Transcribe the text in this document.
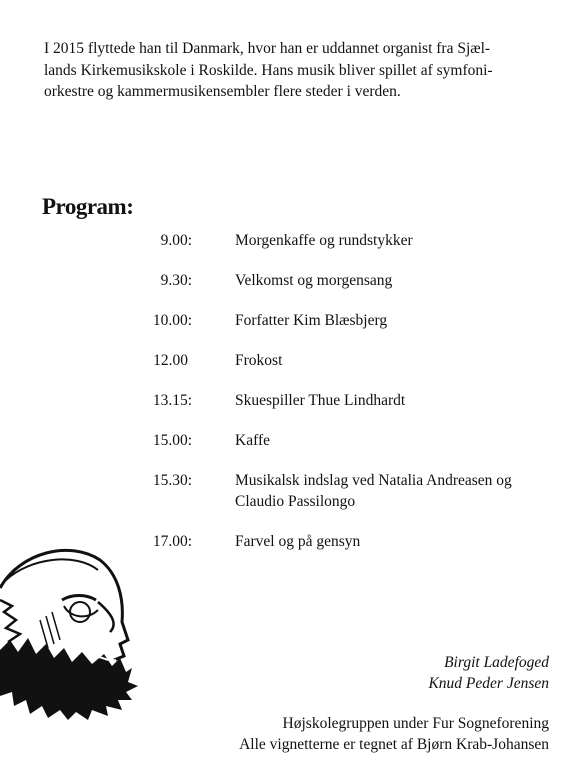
I 2015 flyttede han til Danmark, hvor han er uddannet organist fra Sjæl-
lands Kirkemusikskole i Roskilde. Hans musik bliver spillet af symfoni-
orkestre og kammermusikensembler flere steder i verden.
Program:
9.00:	Morgenkaffe og rundstykker
9.30:	Velkomst og morgensang
10.00:	Forfatter Kim Blæsbjerg
12.00	Frokost
13.15:	Skuespiller Thue Lindhardt
15.00:	Kaffe
15.30:	Musikalsk indslag ved Natalia Andreasen og
Claudio Passilongo
17.00:	Farvel og på gensyn
Birgit Ladefoged
Knud Peder Jensen
Højskolegruppen under Fur Sogneforening
Alle vignetterne er tegnet af Bjørn Krab-Johansen
